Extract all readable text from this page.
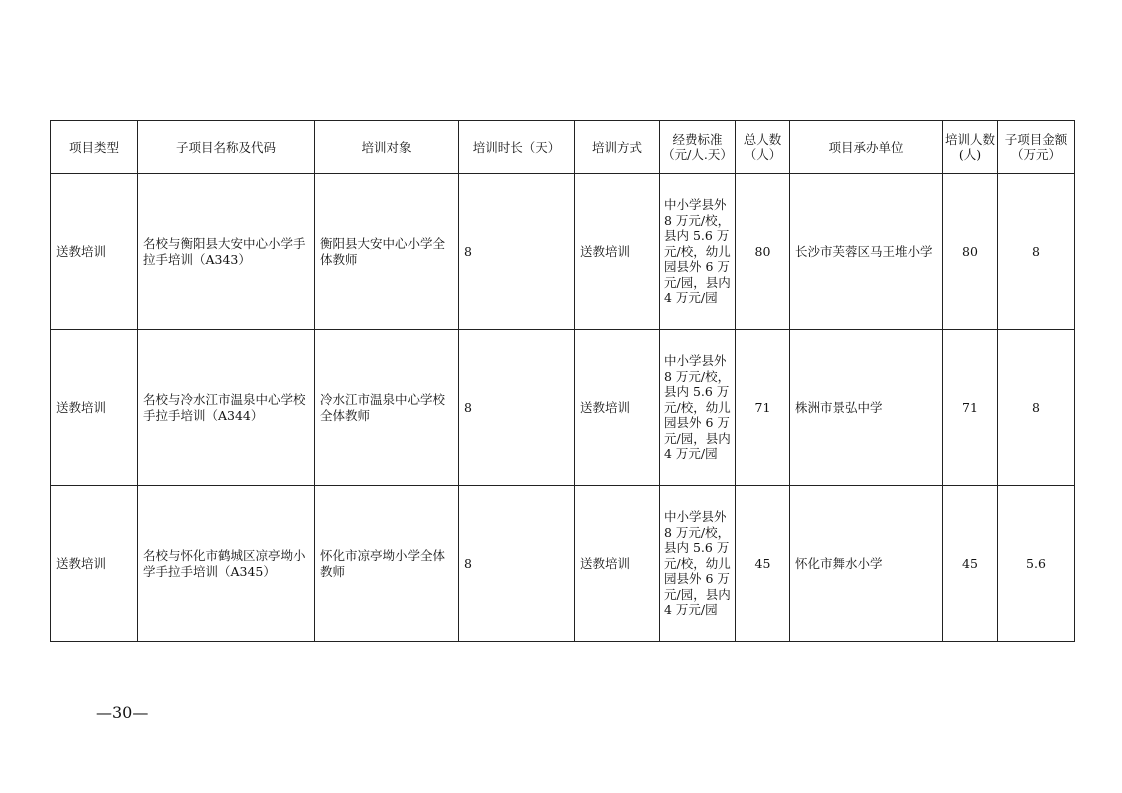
项目类型	子项目名称及代码	培训对象	培训时长（天）	培训方式	经费标准（元/人.天）	总人数（人）	项目承办单位	培训人数(人)	子项目金额（万元）
送教培训	名校与衡阳县大安中心小学手拉手培训（A343）	衡阳县大安中心小学全体教师	8	送教培训	中小学县外 8 万元/校，县内 5.6 万元/校，幼儿园县外 6 万元/园，县内 4 万元/园	80	长沙市芙蓉区马王堆小学	80	8
送教培训	名校与冷水江市温泉中心学校手拉手培训（A344）	冷水江市温泉中心学校全体教师	8	送教培训	中小学县外 8 万元/校，县内 5.6 万元/校，幼儿园县外 6 万元/园，县内 4 万元/园	71	株洲市景弘中学	71	8
送教培训	名校与怀化市鹤城区凉亭坳小学手拉手培训（A345）	怀化市凉亭坳小学全体教师	8	送教培训	中小学县外 8 万元/校，县内 5.6 万元/校，幼儿园县外 6 万元/园，县内 4 万元/园	45	怀化市舞水小学	45	5.6
—30—
